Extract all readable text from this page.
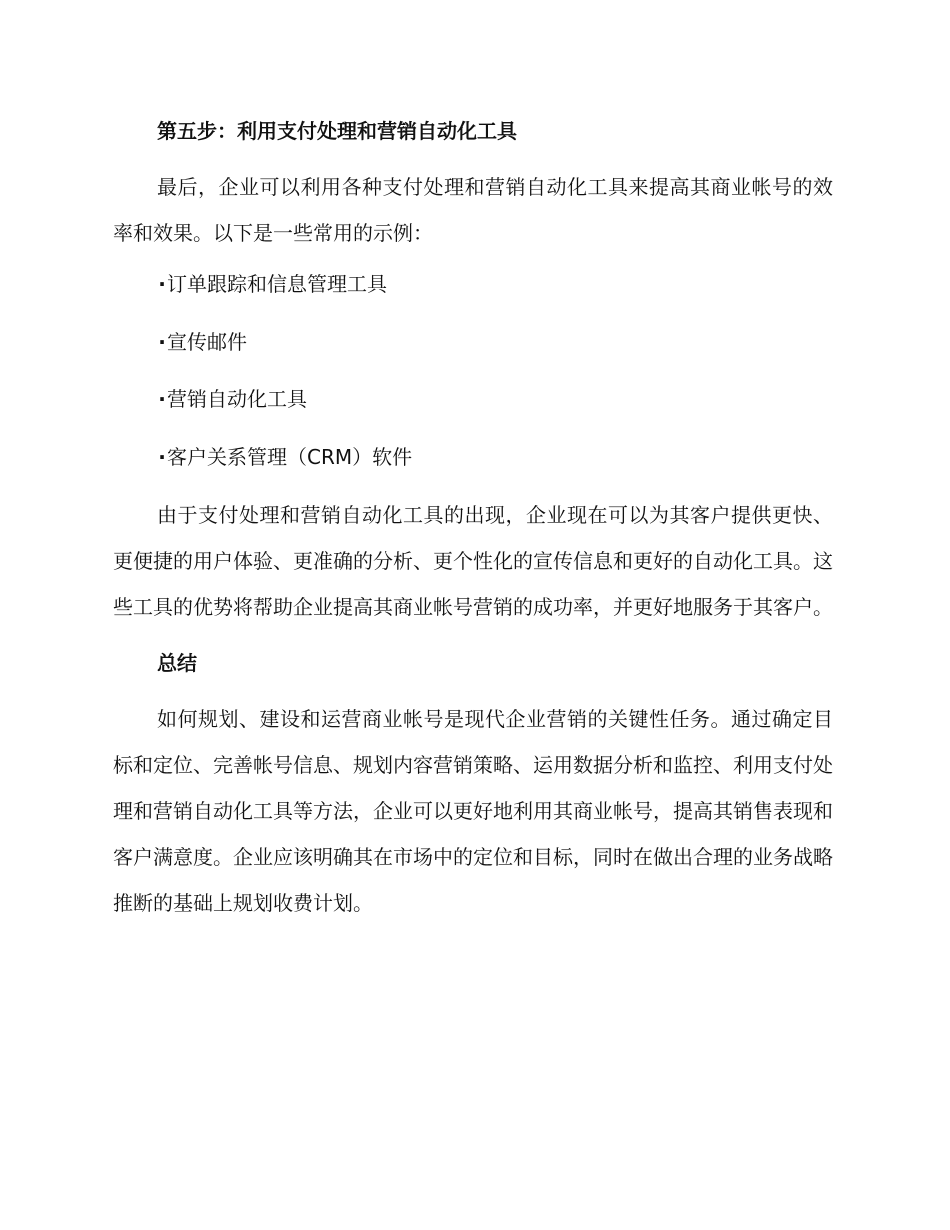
第五步：利用支付处理和营销自动化工具

最后，企业可以利用各种支付处理和营销自动化工具来提高其商业帐号的效率和效果。以下是一些常用的示例：

· 订单跟踪和信息管理工具
· 宣传邮件
· 营销自动化工具
· 客户关系管理（CRM）软件

由于支付处理和营销自动化工具的出现，企业现在可以为其客户提供更快、更便捷的用户体验、更准确的分析、更个性化的宣传信息和更好的自动化工具。这些工具的优势将帮助企业提高其商业帐号营销的成功率，并更好地服务于其客户。

总结

如何规划、建设和运营商业帐号是现代企业营销的关键性任务。通过确定目标和定位、完善帐号信息、规划内容营销策略、运用数据分析和监控、利用支付处理和营销自动化工具等方法，企业可以更好地利用其商业帐号，提高其销售表现和客户满意度。企业应该明确其在市场中的定位和目标，同时在做出合理的业务战略推断的基础上规划收费计划。
